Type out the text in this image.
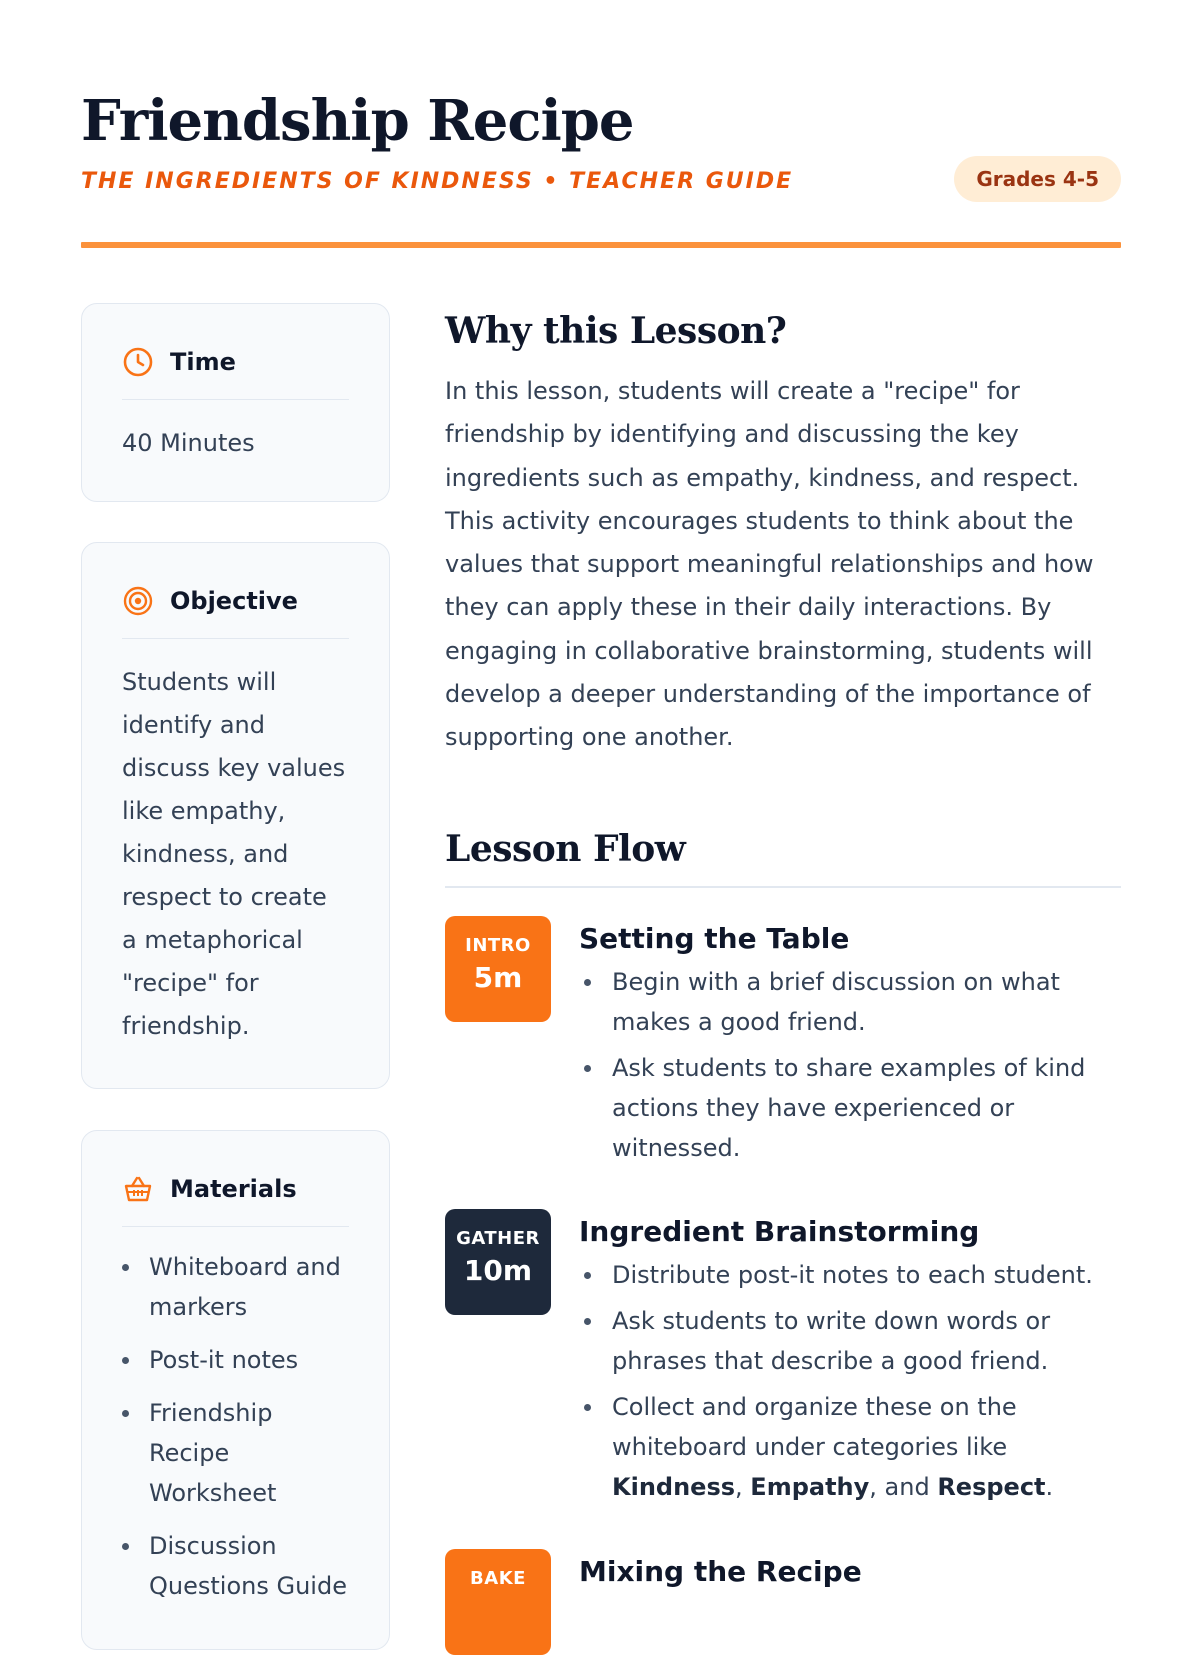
Friendship Recipe
THE INGREDIENTS OF KINDNESS • TEACHER GUIDE	Grades 4-5
Time
40 Minutes
Objective
Students will identify and discuss key values like empathy, kindness, and respect to create a metaphorical "recipe" for friendship.
Materials
Whiteboard and markers
Post-it notes
Friendship Recipe Worksheet
Discussion Questions Guide
Why this Lesson?

In this lesson, students will create a "recipe" for friendship by identifying and discussing the key ingredients such as empathy, kindness, and respect. This activity encourages students to think about the values that support meaningful relationships and how they can apply these in their daily interactions. By engaging in collaborative brainstorming, students will develop a deeper understanding of the importance of supporting one another.

Lesson Flow
INTRO
5m
Setting the Table
Begin with a brief discussion on what makes a good friend.
Ask students to share examples of kind actions they have experienced or witnessed.
GATHER
10m
Ingredient Brainstorming
Distribute post-it notes to each student.
Ask students to write down words or phrases that describe a good friend.
Collect and organize these on the whiteboard under categories like Kindness, Empathy, and Respect.
BAKE	Mixing the Recipe
